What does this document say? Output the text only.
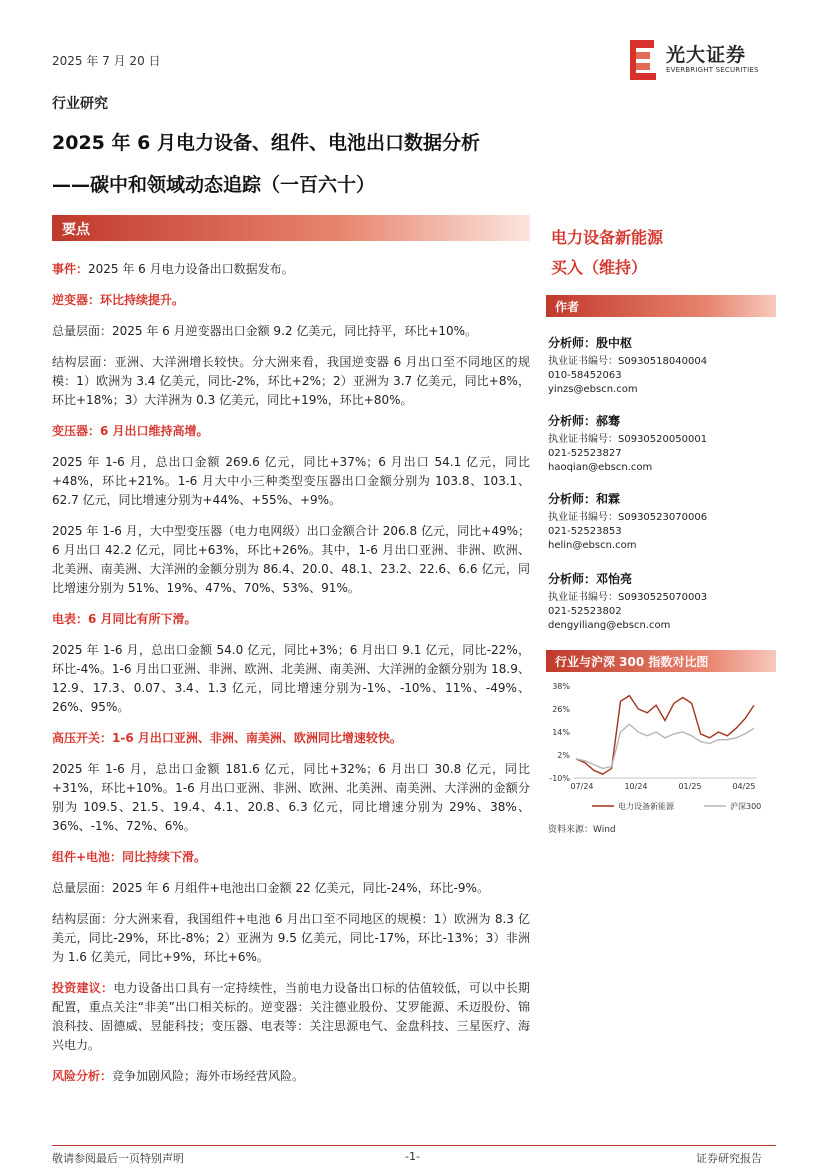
2025 年 7 月 20 日	光大证券
EVERBRIGHT SECURITIES
行业研究
2025 年 6 月电力设备、组件、电池出口数据分析
——碳中和领域动态追踪（一百六十）
要点

事件：2025 年 6 月电力设备出口数据发布。

逆变器：环比持续提升。

总量层面：2025 年 6 月逆变器出口金额 9.2 亿美元，同比持平，环比+10%。

结构层面：亚洲、大洋洲增长较快。分大洲来看，我国逆变器 6 月出口至不同地区的规模：1）欧洲为 3.4 亿美元，同比-2%，环比+2%；2）亚洲为 3.7 亿美元，同比+8%，环比+18%；3）大洋洲为 0.3 亿美元，同比+19%，环比+80%。

变压器：6 月出口维持高增。

2025 年 1-6 月，总出口金额 269.6 亿元，同比+37%；6 月出口 54.1 亿元，同比+48%，环比+21%。1-6 月大中小三种类型变压器出口金额分别为 103.8、103.1、62.7 亿元，同比增速分别为+44%、+55%、+9%。

2025 年 1-6 月，大中型变压器（电力电网级）出口金额合计 206.8 亿元，同比+49%；6 月出口 42.2 亿元，同比+63%，环比+26%。其中，1-6 月出口亚洲、非洲、欧洲、北美洲、南美洲、大洋洲的金额分别为 86.4、20.0、48.1、23.2、22.6、6.6 亿元，同比增速分别为 51%、19%、47%、70%、53%、91%。

电表：6 月同比有所下滑。

2025 年 1-6 月，总出口金额 54.0 亿元，同比+3%；6 月出口 9.1 亿元，同比-22%，环比-4%。1-6 月出口亚洲、非洲、欧洲、北美洲、南美洲、大洋洲的金额分别为 18.9、12.9、17.3、0.07、3.4、1.3 亿元，同比增速分别为-1%、-10%、11%、-49%、26%、95%。

高压开关：1-6 月出口亚洲、非洲、南美洲、欧洲同比增速较快。

2025 年 1-6 月，总出口金额 181.6 亿元，同比+32%；6 月出口 30.8 亿元，同比+31%，环比+10%。1-6 月出口亚洲、非洲、欧洲、北美洲、南美洲、大洋洲的金额分别为 109.5、21.5、19.4、4.1、20.8、6.3 亿元，同比增速分别为 29%、38%、36%、-1%、72%、6%。

组件+电池：同比持续下滑。

总量层面：2025 年 6 月组件+电池出口金额 22 亿美元，同比-24%，环比-9%。

结构层面：分大洲来看，我国组件+电池 6 月出口至不同地区的规模：1）欧洲为 8.3 亿美元，同比-29%，环比-8%；2）亚洲为 9.5 亿美元，同比-17%，环比-13%；3）非洲为 1.6 亿美元，同比+9%，环比+6%。

投资建议：电力设备出口具有一定持续性，当前电力设备出口标的估值较低，可以中长期配置，重点关注“非美”出口相关标的。逆变器：关注德业股份、艾罗能源、禾迈股份、锦浪科技、固德威、昱能科技；变压器、电表等：关注思源电气、金盘科技、三星医疗、海兴电力。

风险分析：竞争加剧风险；海外市场经营风险。

电力设备新能源
买入（维持）
作者
分析师：殷中枢
执业证书编号：S0930518040004
010-58452063
yinzs@ebscn.com
分析师：郝骞
执业证书编号：S0930520050001
021-52523827
haoqian@ebscn.com
分析师：和霖
执业证书编号：S0930523070006
021-52523853
helin@ebscn.com
分析师：邓怡亮
执业证书编号：S0930525070003
021-52523802
dengyiliang@ebscn.com
行业与沪深 300 指数对比图
38%
26%
14%
2%
-10%
07/24	10/24	01/25	04/25
电力设备新能源	沪深300
资料来源：Wind
敬请参阅最后一页特别声明	-1-	证券研究报告
